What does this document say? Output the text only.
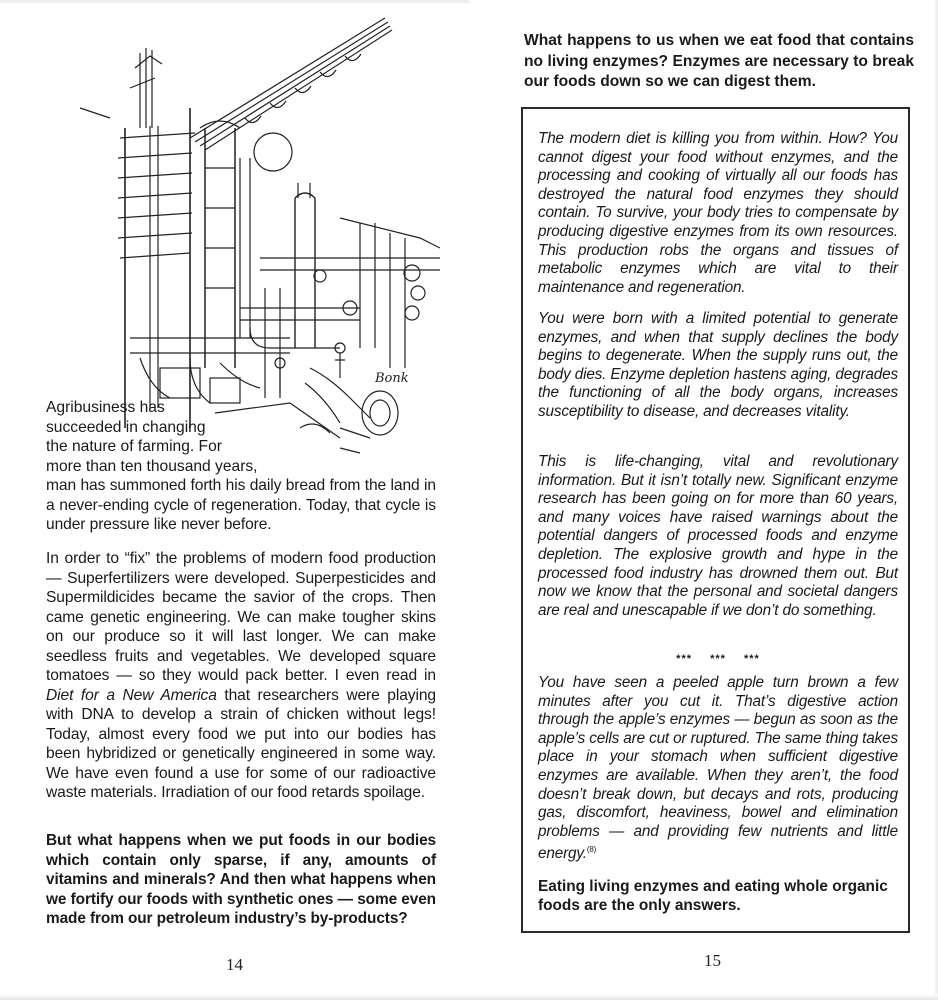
Bonk
Agribusiness has
succeeded in changing
the nature of farming. For
more than ten thousand years,
man has summoned forth his daily bread from the land in a never-ending cycle of regeneration. Today, that cycle is under pressure like never before.
In order to “fix” the problems of modern food production — Superfertilizers were developed. Superpesticides and Supermildicides became the savior of the crops. Then came genetic engineering. We can make tougher skins on our produce so it will last longer. We can make seedless fruits and vegetables. We developed square tomatoes — so they would pack better. I even read in Diet for a New America that researchers were playing with DNA to develop a strain of chicken without legs! Today, almost every food we put into our bodies has been hybridized or genetically engineered in some way. We have even found a use for some of our radioactive waste materials. Irradiation of our food retards spoilage.
But what happens when we put foods in our bodies which contain only sparse, if any, amounts of vitamins and minerals? And then what happens when we fortify our foods with synthetic ones — some even made from our petroleum industry’s by-products?
14
What happens to us when we eat food that contains no living enzymes? Enzymes are necessary to break our foods down so we can digest them.
The modern diet is killing you from within. How? You cannot digest your food without enzymes, and the processing and cooking of virtually all our foods has destroyed the natural food enzymes they should contain. To survive, your body tries to compensate by producing digestive enzymes from its own resources. This production robs the organs and tissues of metabolic enzymes which are vital to their maintenance and regeneration.
You were born with a limited potential to generate enzymes, and when that supply declines the body begins to degenerate. When the supply runs out, the body dies. Enzyme depletion hastens aging, degrades the functioning of all the body organs, increases susceptibility to disease, and decreases vitality.
This is life-changing, vital and revolutionary information. But it isn’t totally new. Significant enzyme research has been going on for more than 60 years, and many voices have raised warnings about the potential dangers of processed foods and enzyme depletion. The explosive growth and hype in the processed food industry has drowned them out. But now we know that the personal and societal dangers are real and unescapable if we don’t do something.
*** *** ***
You have seen a peeled apple turn brown a few minutes after you cut it. That’s digestive action through the apple’s enzymes — begun as soon as the apple’s cells are cut or ruptured. The same thing takes place in your stomach when sufficient digestive enzymes are available. When they aren’t, the food doesn’t break down, but decays and rots, producing gas, discomfort, heaviness, bowel and elimination problems — and providing few nutrients and little energy.$^{(8)}$
Eating living enzymes and eating whole organic foods are the only answers.
15
